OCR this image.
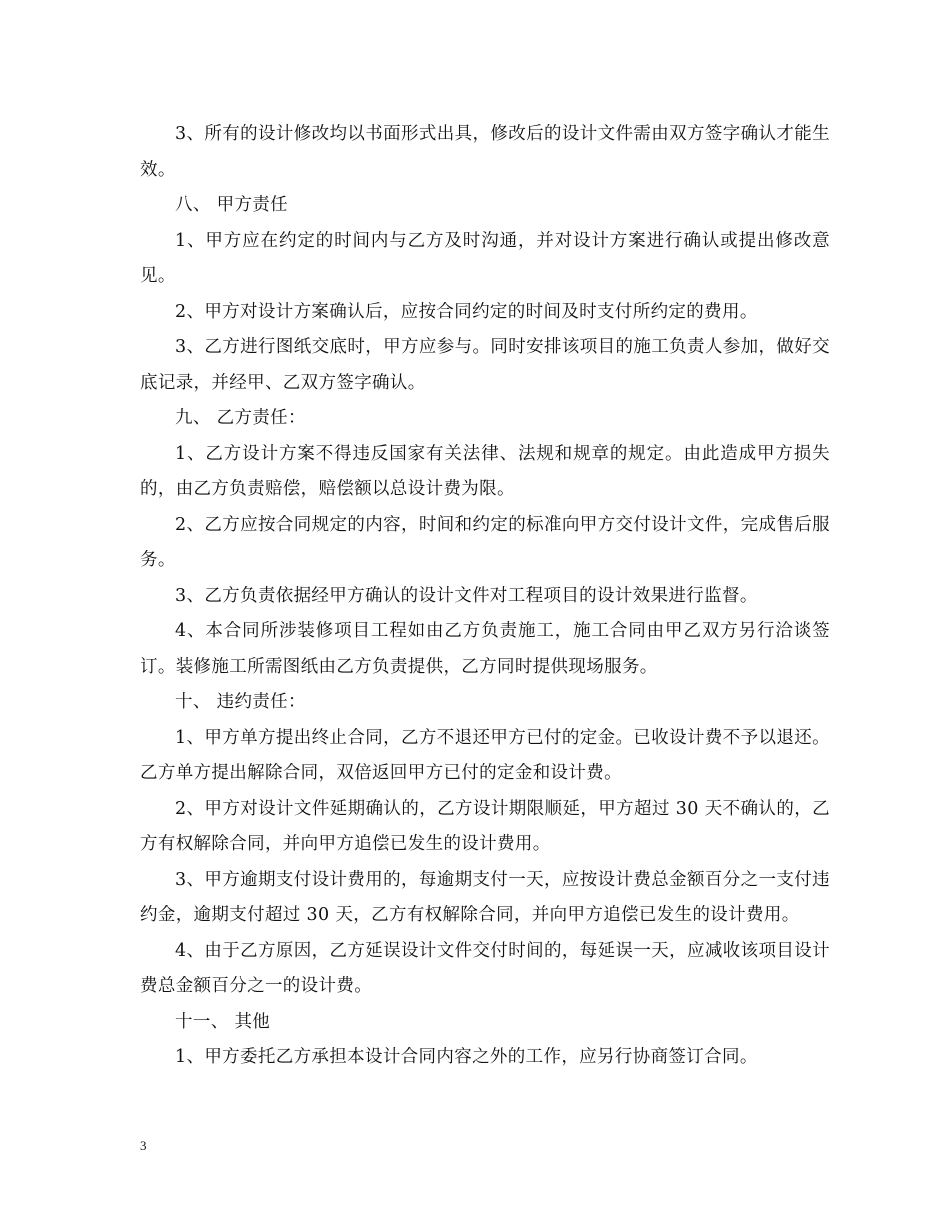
3、所有的设计修改均以书面形式出具，修改后的设计文件需由双方签字确认才能生效。

八、 甲方责任

1、甲方应在约定的时间内与乙方及时沟通，并对设计方案进行确认或提出修改意见。

2、甲方对设计方案确认后，应按合同约定的时间及时支付所约定的费用。

3、乙方进行图纸交底时，甲方应参与。同时安排该项目的施工负责人参加，做好交底记录，并经甲、乙双方签字确认。

九、 乙方责任：

1、乙方设计方案不得违反国家有关法律、法规和规章的规定。由此造成甲方损失的，由乙方负责赔偿，赔偿额以总设计费为限。

2、乙方应按合同规定的内容，时间和约定的标准向甲方交付设计文件，完成售后服务。

3、乙方负责依据经甲方确认的设计文件对工程项目的设计效果进行监督。

4、本合同所涉装修项目工程如由乙方负责施工，施工合同由甲乙双方另行洽谈签订。装修施工所需图纸由乙方负责提供，乙方同时提供现场服务。

十、 违约责任：

1、甲方单方提出终止合同，乙方不退还甲方已付的定金。已收设计费不予以退还。乙方单方提出解除合同，双倍返回甲方已付的定金和设计费。

2、甲方对设计文件延期确认的，乙方设计期限顺延，甲方超过 30 天不确认的，乙方有权解除合同，并向甲方追偿已发生的设计费用。

3、甲方逾期支付设计费用的，每逾期支付一天，应按设计费总金额百分之一支付违约金，逾期支付超过 30 天，乙方有权解除合同，并向甲方追偿已发生的设计费用。

4、由于乙方原因，乙方延误设计文件交付时间的，每延误一天，应减收该项目设计费总金额百分之一的设计费。

十一、 其他

1、甲方委托乙方承担本设计合同内容之外的工作，应另行协商签订合同。

3
